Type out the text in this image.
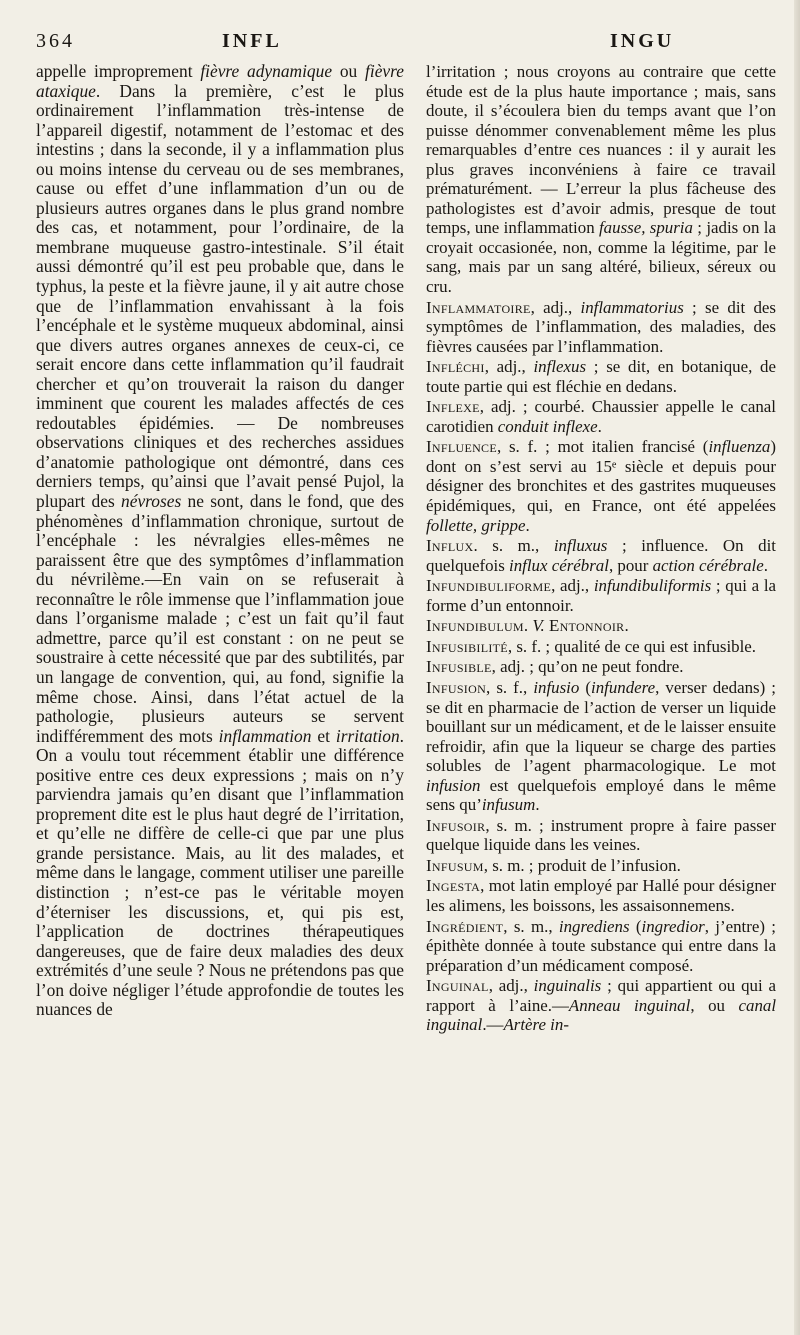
364	INFL	INGU

appelle improprement fièvre adynamique ou fièvre ataxique. Dans la première, c’est le plus ordinairement l’inflammation très-intense de l’appareil digestif, notamment de l’estomac et des intestins ; dans la seconde, il y a inflammation plus ou moins intense du cerveau ou de ses membranes, cause ou effet d’une inflammation d’un ou de plusieurs autres organes dans le plus grand nombre des cas, et notamment, pour l’ordinaire, de la membrane muqueuse gastro-intestinale. S’il était aussi démontré qu’il est peu probable que, dans le typhus, la peste et la fièvre jaune, il y ait autre chose que de l’inflammation envahissant à la fois l’encéphale et le système muqueux abdominal, ainsi que divers autres organes annexes de ceux-ci, ce serait encore dans cette inflammation qu’il faudrait chercher et qu’on trouverait la raison du danger imminent que courent les malades affectés de ces redoutables épidémies. — De nombreuses observations cliniques et des recherches assidues d’anatomie pathologique ont démontré, dans ces derniers temps, qu’ainsi que l’avait pensé Pujol, la plupart des névroses ne sont, dans le fond, que des phénomènes d’inflammation chronique, surtout de l’encéphale : les névralgies elles-mêmes ne paraissent être que des symptômes d’inflammation du névrilème.—En vain on se refuserait à reconnaître le rôle immense que l’inflammation joue dans l’organisme malade ; c’est un fait qu’il faut admettre, parce qu’il est constant : on ne peut se soustraire à cette nécessité que par des subtilités, par un langage de convention, qui, au fond, signifie la même chose. Ainsi, dans l’état actuel de la pathologie, plusieurs auteurs se servent indifféremment des mots inflammation et irritation. On a voulu tout récemment établir une différence positive entre ces deux expressions ; mais on n’y parviendra jamais qu’en disant que l’inflammation proprement dite est le plus haut degré de l’irritation, et qu’elle ne diffère de celle-ci que par une plus grande persistance. Mais, au lit des malades, et même dans le langage, comment utiliser une pareille distinction ; n’est-ce pas le véritable moyen d’éterniser les discussions, et, qui pis est, l’application de doctrines thérapeutiques dangereuses, que de faire deux maladies des deux extrémités d’une seule ? Nous ne prétendons pas que l’on doive négliger l’étude approfondie de toutes les nuances de

l’irritation ; nous croyons au contraire que cette étude est de la plus haute importance ; mais, sans doute, il s’écoulera bien du temps avant que l’on puisse dénommer convenablement même les plus remarquables d’entre ces nuances : il y aurait les plus graves inconvéniens à faire ce travail prématurément. — L’erreur la plus fâcheuse des pathologistes est d’avoir admis, presque de tout temps, une inflammation fausse, spuria ; jadis on la croyait occasionée, non, comme la légitime, par le sang, mais par un sang altéré, bilieux, séreux ou cru.

Inflammatoire, adj., inflammatorius ; se dit des symptômes de l’inflammation, des maladies, des fièvres causées par l’inflammation.

Infléchi, adj., inflexus ; se dit, en botanique, de toute partie qui est fléchie en dedans.

Inflexe, adj. ; courbé. Chaussier appelle le canal carotidien conduit inflexe.

Influence, s. f. ; mot italien francisé (influenza) dont on s’est servi au 15ᵉ siècle et depuis pour désigner des bronchites et des gastrites muqueuses épidémiques, qui, en France, ont été appelées follette, grippe.

Influx. s. m., influxus ; influence. On dit quelquefois influx cérébral, pour action cérébrale.

Infundibuliforme, adj., infundibuliformis ; qui a la forme d’un entonnoir.

Infundibulum. V. Entonnoir.

Infusibilité, s. f. ; qualité de ce qui est infusible.

Infusible, adj. ; qu’on ne peut fondre.

Infusion, s. f., infusio (infundere, verser dedans) ; se dit en pharmacie de l’action de verser un liquide bouillant sur un médicament, et de le laisser ensuite refroidir, afin que la liqueur se charge des parties solubles de l’agent pharmacologique. Le mot infusion est quelquefois employé dans le même sens qu’infusum.

Infusoir, s. m. ; instrument propre à faire passer quelque liquide dans les veines.

Infusum, s. m. ; produit de l’infusion.

Ingesta, mot latin employé par Hallé pour désigner les alimens, les boissons, les assaisonnemens.

Ingrédient, s. m., ingrediens (ingredior, j’entre) ; épithète donnée à toute substance qui entre dans la préparation d’un médicament composé.

Inguinal, adj., inguinalis ; qui appartient ou qui a rapport à l’aine.—Anneau inguinal, ou canal inguinal.—Artère in-
